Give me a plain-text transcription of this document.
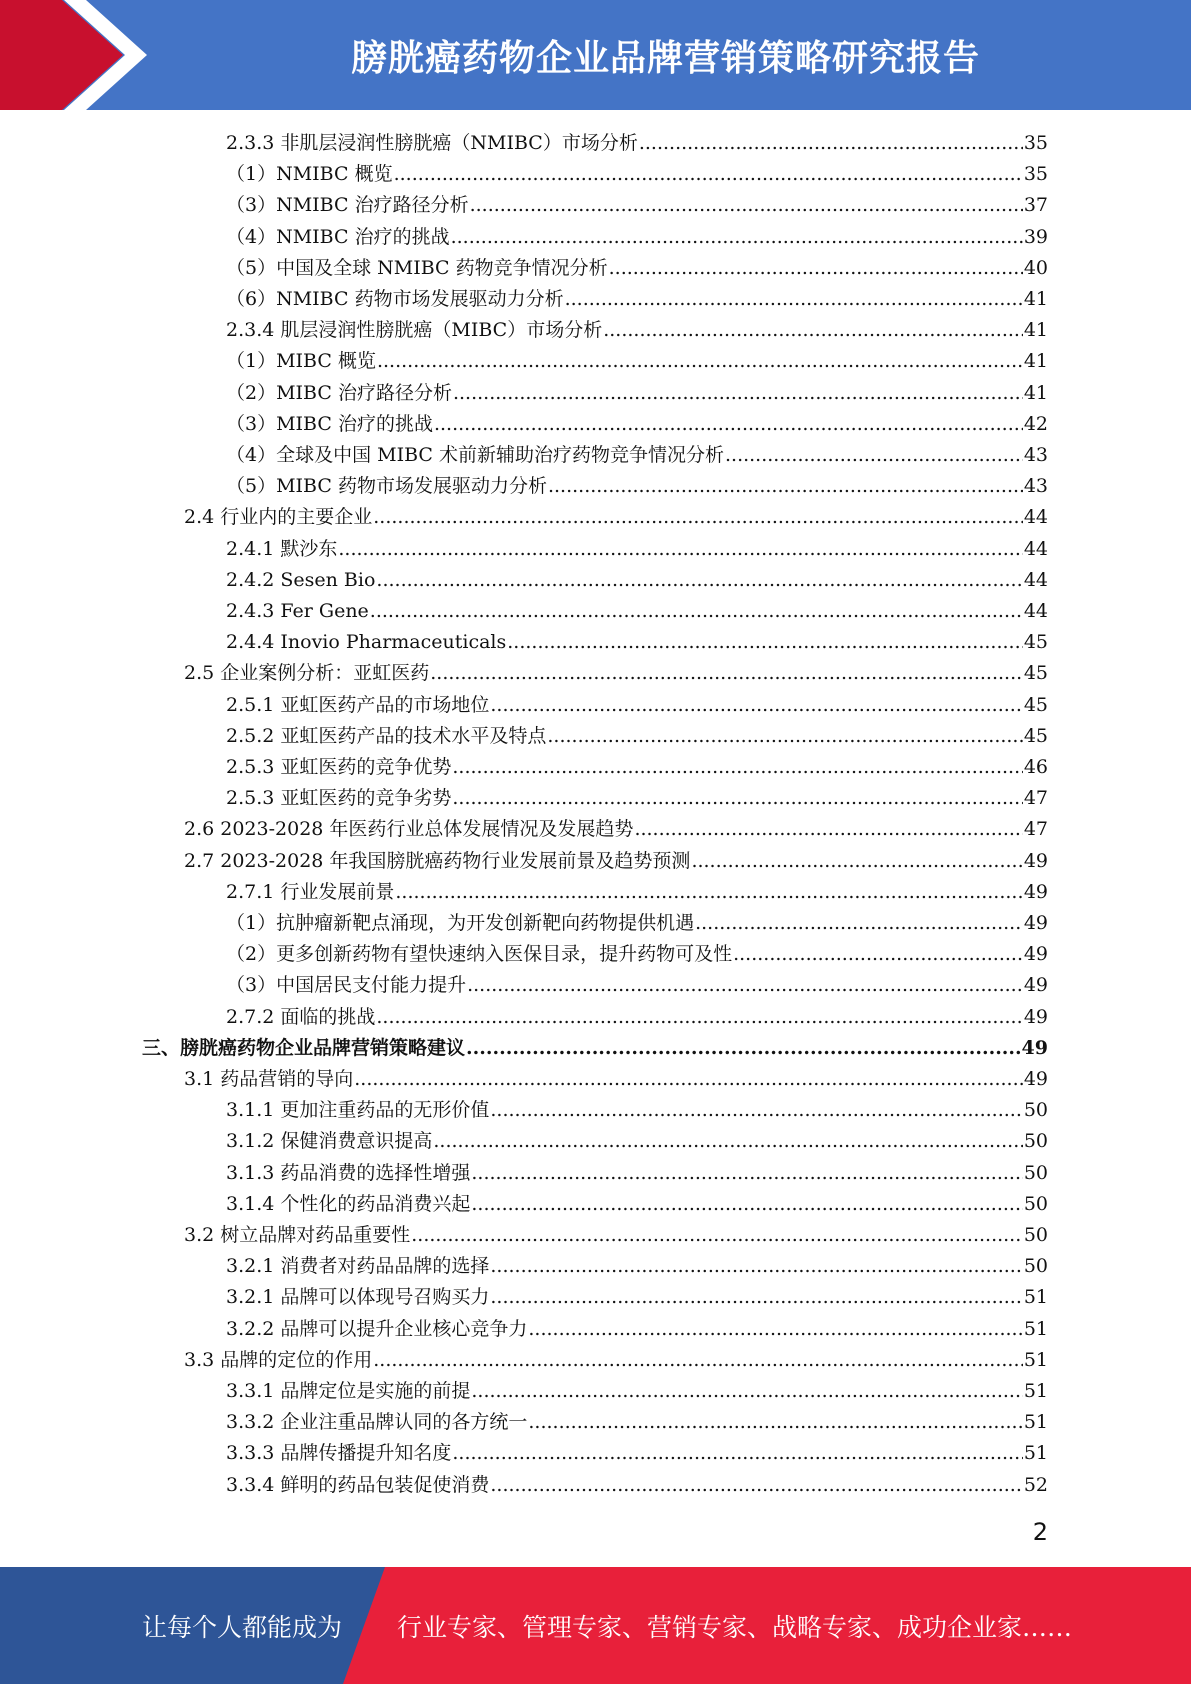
膀胱癌药物企业品牌营销策略研究报告
2.3.3 非肌层浸润性膀胱癌（NMIBC）市场分析 .....	35
（1）NMIBC 概览 .....	35
（3）NMIBC 治疗路径分析 .....	37
（4）NMIBC 治疗的挑战 .....	39
（5）中国及全球 NMIBC 药物竞争情况分析 .....	40
（6）NMIBC 药物市场发展驱动力分析 .....	41
2.3.4 肌层浸润性膀胱癌（MIBC）市场分析 .....	41
（1）MIBC 概览 .....	41
（2）MIBC 治疗路径分析 .....	41
（3）MIBC 治疗的挑战 .....	42
（4）全球及中国 MIBC 术前新辅助治疗药物竞争情况分析 .....	43
（5）MIBC 药物市场发展驱动力分析 .....	43
2.4 行业内的主要企业 .....	44
2.4.1 默沙东 .....	44
2.4.2 Sesen Bio .....	44
2.4.3 Fer Gene .....	44
2.4.4 Inovio Pharmaceuticals .....	45
2.5 企业案例分析：亚虹医药 .....	45
2.5.1 亚虹医药产品的市场地位 .....	45
2.5.2 亚虹医药产品的技术水平及特点 .....	45
2.5.3 亚虹医药的竞争优势 .....	46
2.5.3 亚虹医药的竞争劣势 .....	47
2.6 2023-2028 年医药行业总体发展情况及发展趋势 .....	47
2.7 2023-2028 年我国膀胱癌药物行业发展前景及趋势预测 .....	49
2.7.1 行业发展前景 .....	49
（1）抗肿瘤新靶点涌现，为开发创新靶向药物提供机遇 .....	49
（2）更多创新药物有望快速纳入医保目录，提升药物可及性 .....	49
（3）中国居民支付能力提升 .....	49
2.7.2 面临的挑战 .....	49
三、膀胱癌药物企业品牌营销策略建议 .....	49
3.1 药品营销的导向 .....	49
3.1.1 更加注重药品的无形价值 .....	50
3.1.2 保健消费意识提高 .....	50
3.1.3 药品消费的选择性增强 .....	50
3.1.4 个性化的药品消费兴起 .....	50
3.2 树立品牌对药品重要性 .....	50
3.2.1 消费者对药品品牌的选择 .....	50
3.2.1 品牌可以体现号召购买力 .....	51
3.2.2 品牌可以提升企业核心竞争力 .....	51
3.3 品牌的定位的作用 .....	51
3.3.1 品牌定位是实施的前提 .....	51
3.3.2 企业注重品牌认同的各方统一 .....	51
3.3.3 品牌传播提升知名度 .....	51
3.3.4 鲜明的药品包装促使消费 .....	52
2
让每个人都能成为 行业专家、管理专家、营销专家、战略专家、成功企业家……
